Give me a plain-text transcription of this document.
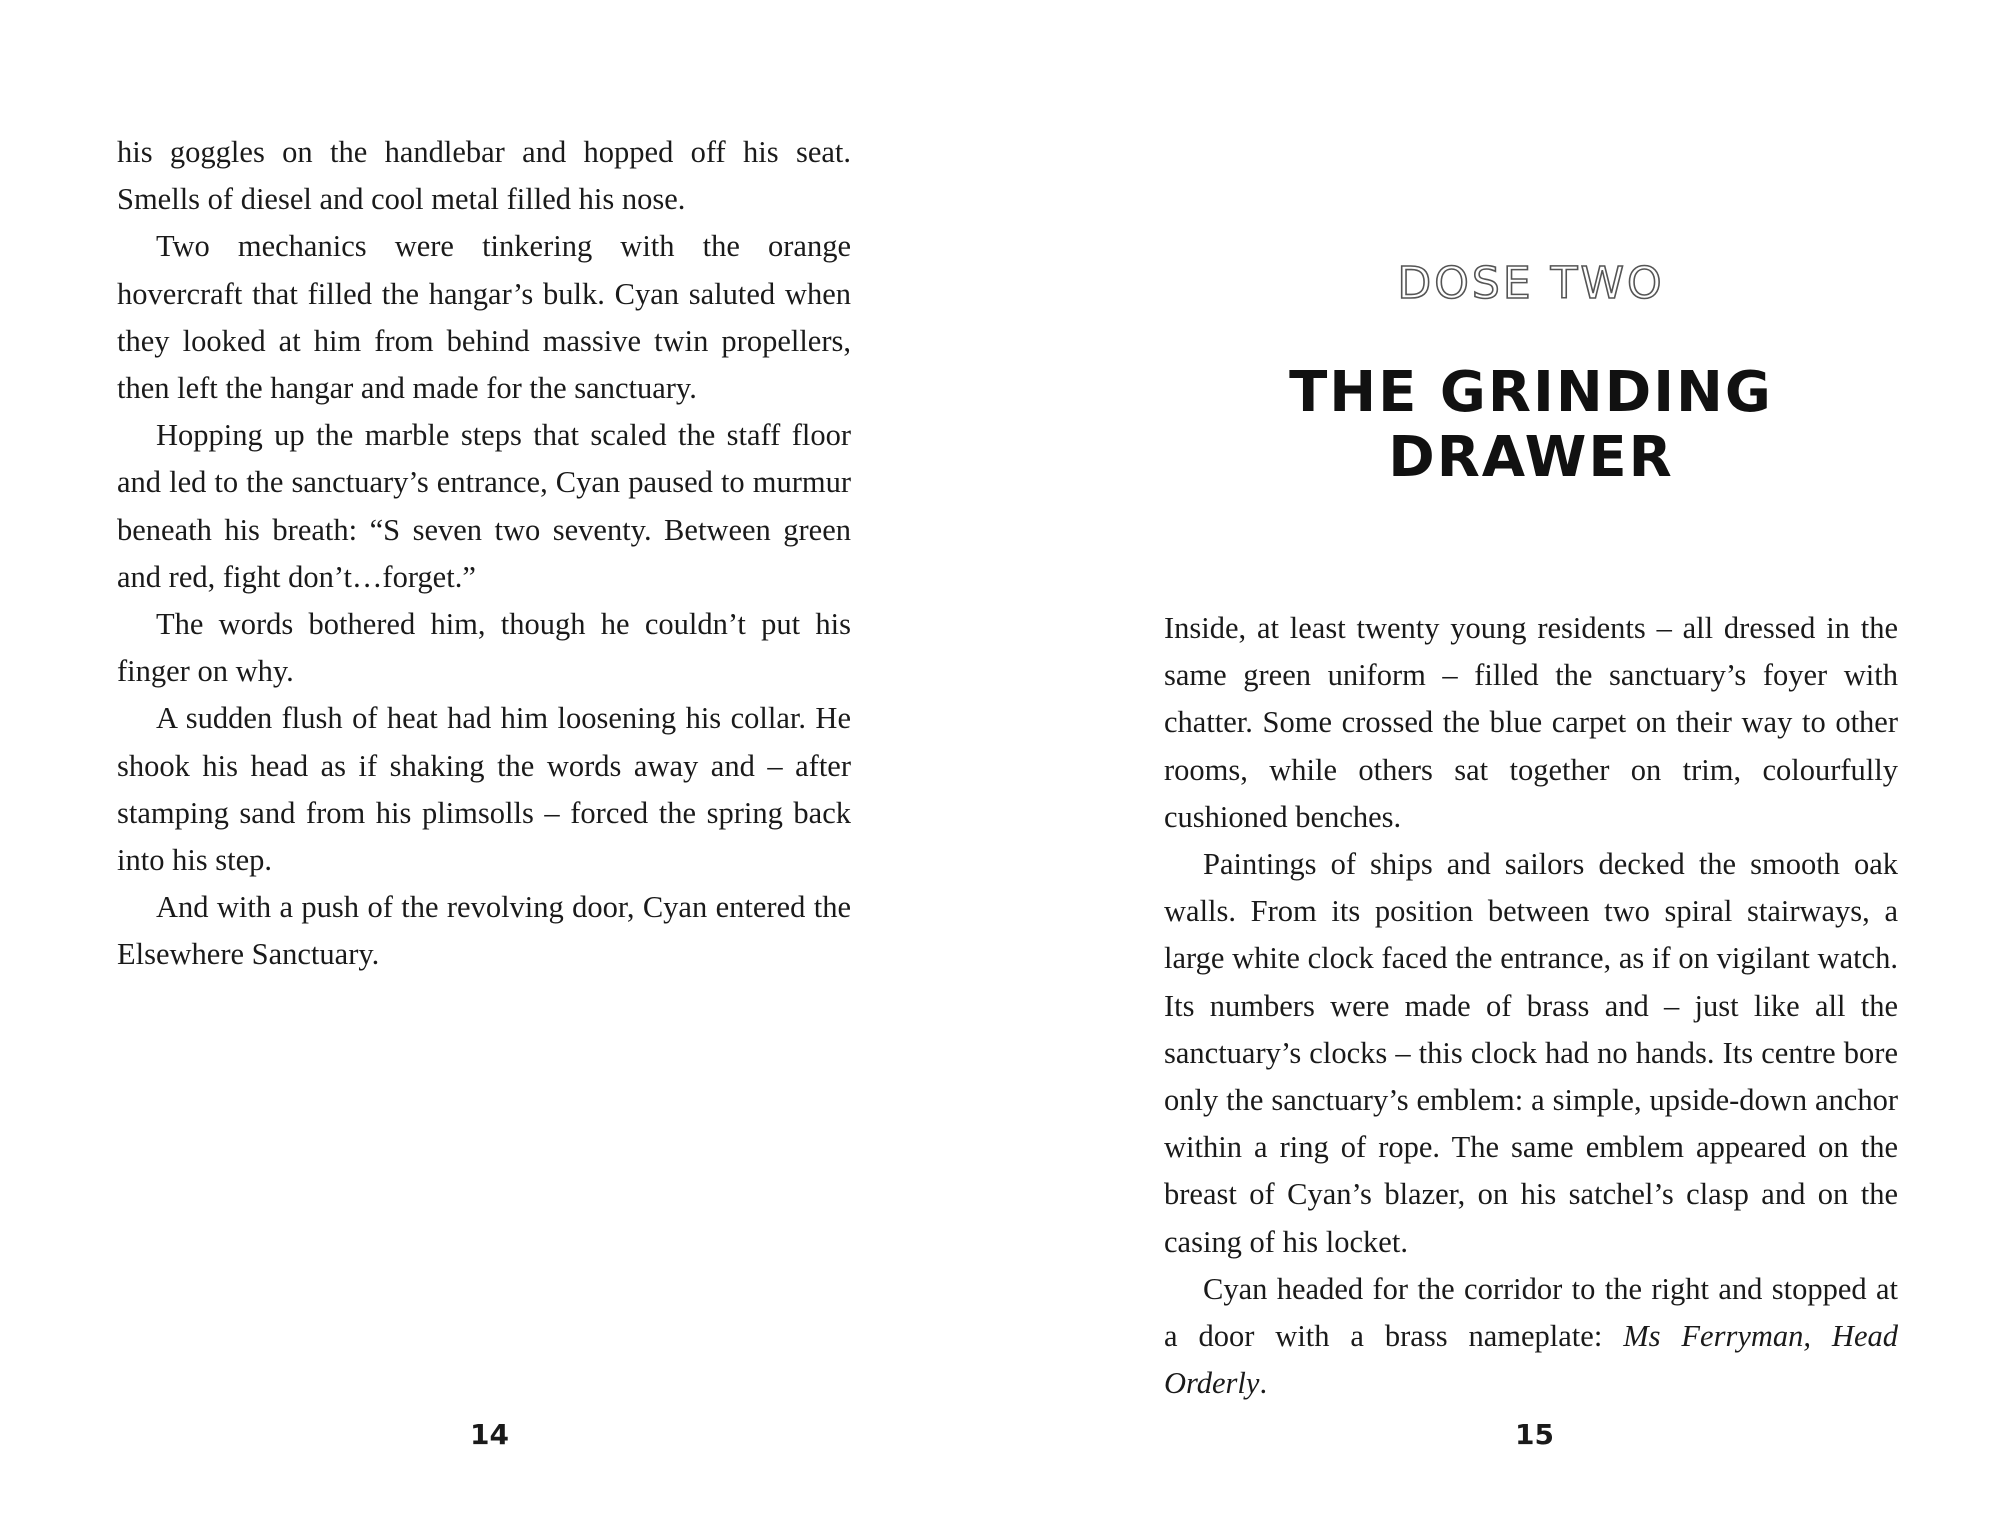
his goggles on the handlebar and hopped off his seat. Smells of diesel and cool metal filled his nose.

Two mechanics were tinkering with the orange hovercraft that filled the hangar’s bulk. Cyan saluted when they looked at him from behind massive twin propellers, then left the hangar and made for the sanctuary.

Hopping up the marble steps that scaled the staff floor and led to the sanctuary’s entrance, Cyan paused to murmur beneath his breath: “S seven two seventy. Between green and red, fight don’t…forget.”

The words bothered him, though he couldn’t put his finger on why.

A sudden flush of heat had him loosening his collar. He shook his head as if shaking the words away and – after stamping sand from his plimsolls – forced the spring back into his step.

And with a push of the revolving door, Cyan entered the Elsewhere Sanctuary.

14
DOSE TWO
THE GRINDING DRAWER

Inside, at least twenty young residents – all dressed in the same green uniform – filled the sanctuary’s foyer with chatter. Some crossed the blue carpet on their way to other rooms, while others sat together on trim, colourfully cushioned benches.

Paintings of ships and sailors decked the smooth oak walls. From its position between two spiral stairways, a large white clock faced the entrance, as if on vigilant watch. Its numbers were made of brass and – just like all the sanctuary’s clocks – this clock had no hands. Its centre bore only the sanctuary’s emblem: a simple, upside-down anchor within a ring of rope. The same emblem appeared on the breast of Cyan’s blazer, on his satchel’s clasp and on the casing of his locket.

Cyan headed for the corridor to the right and stopped at a door with a brass nameplate: Ms Ferryman, Head Orderly.

15
